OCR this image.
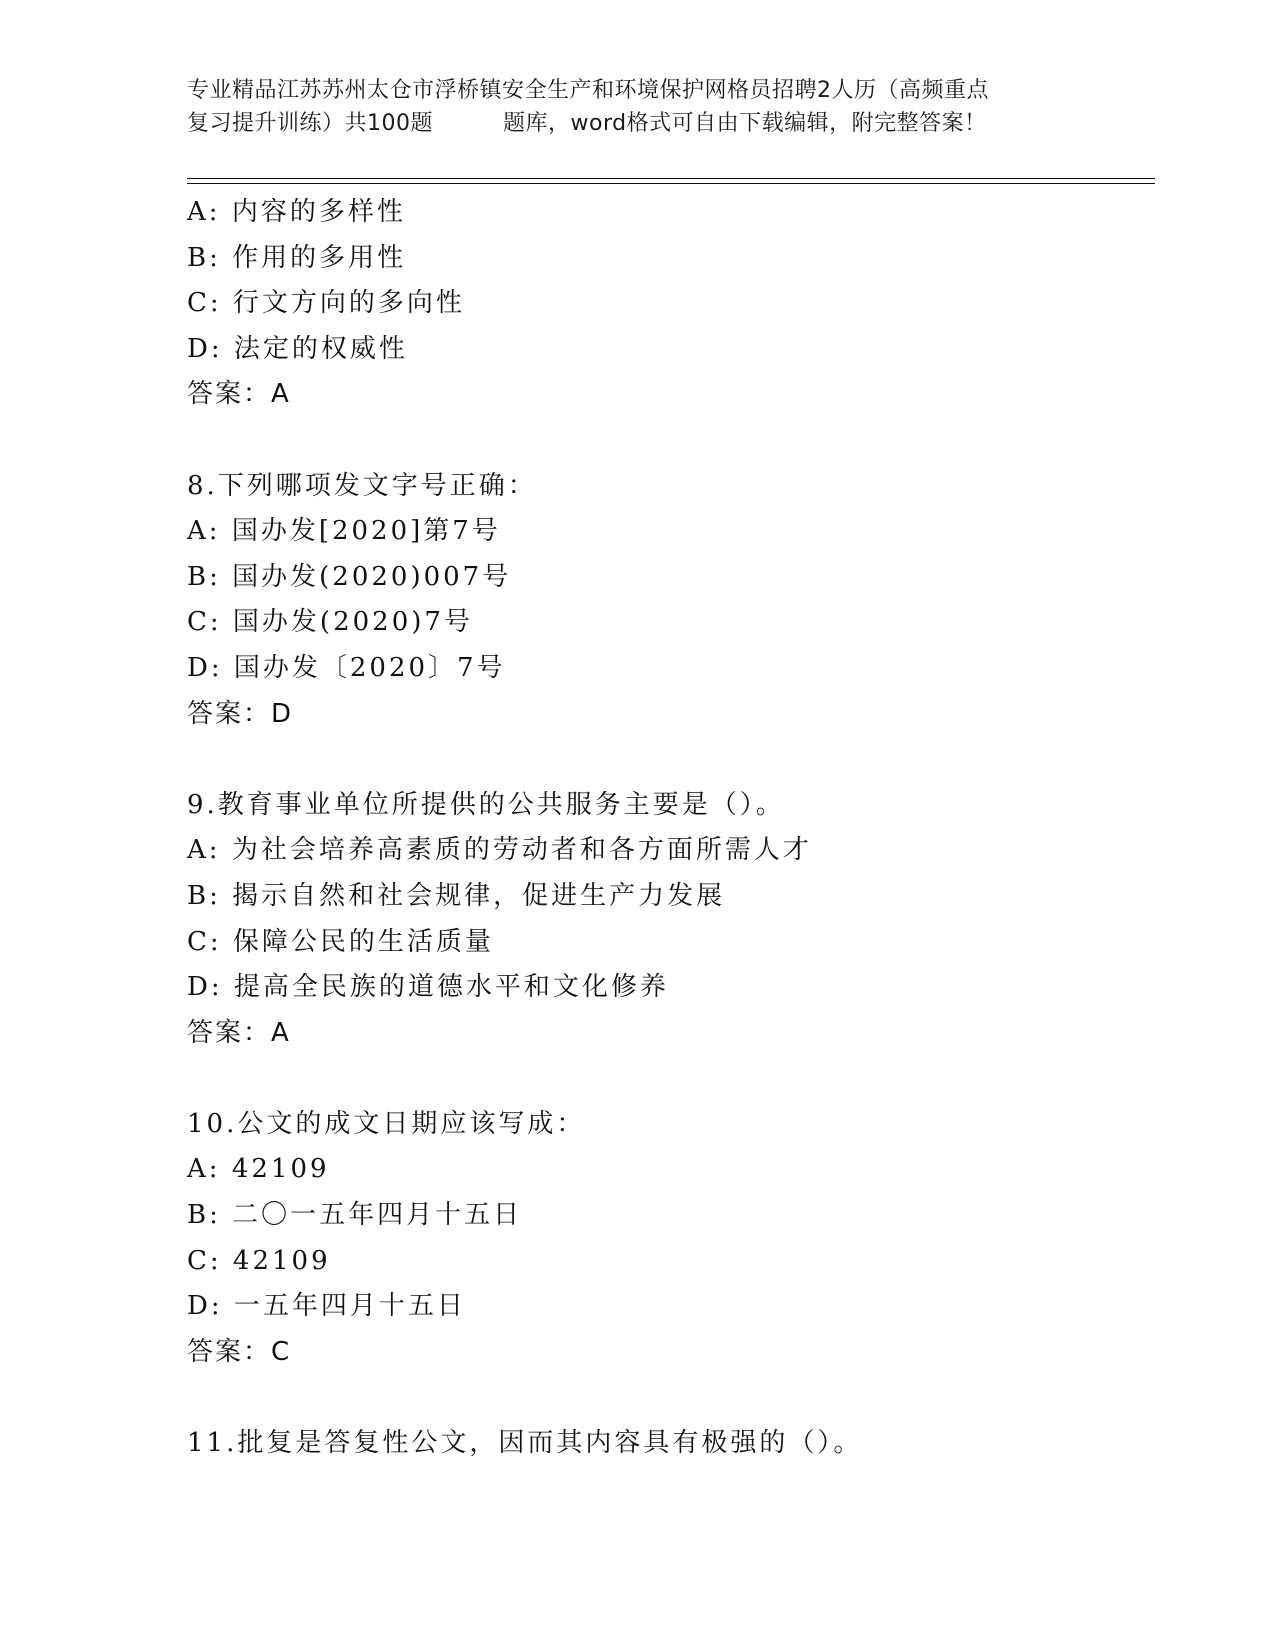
专业精品江苏苏州太仓市浮桥镇安全生产和环境保护网格员招聘2人历（高频重点
复习提升训练）共100题	题库，word格式可自由下载编辑，附完整答案！
A: 内容的多样性
B: 作用的多用性
C: 行文方向的多向性
D: 法定的权威性
答案：A
8.下列哪项发文字号正确：
A: 国办发[2020]第7号
B: 国办发(2020)007号
C: 国办发(2020)7号
D: 国办发〔2020〕7号
答案：D
9.教育事业单位所提供的公共服务主要是（）。
A: 为社会培养高素质的劳动者和各方面所需人才
B: 揭示自然和社会规律，促进生产力发展
C: 保障公民的生活质量
D: 提高全民族的道德水平和文化修养
答案：A
10.公文的成文日期应该写成：
A: 42109
B: 二〇一五年四月十五日
C: 42109
D: 一五年四月十五日
答案：C
11.批复是答复性公文，因而其内容具有极强的（）。
